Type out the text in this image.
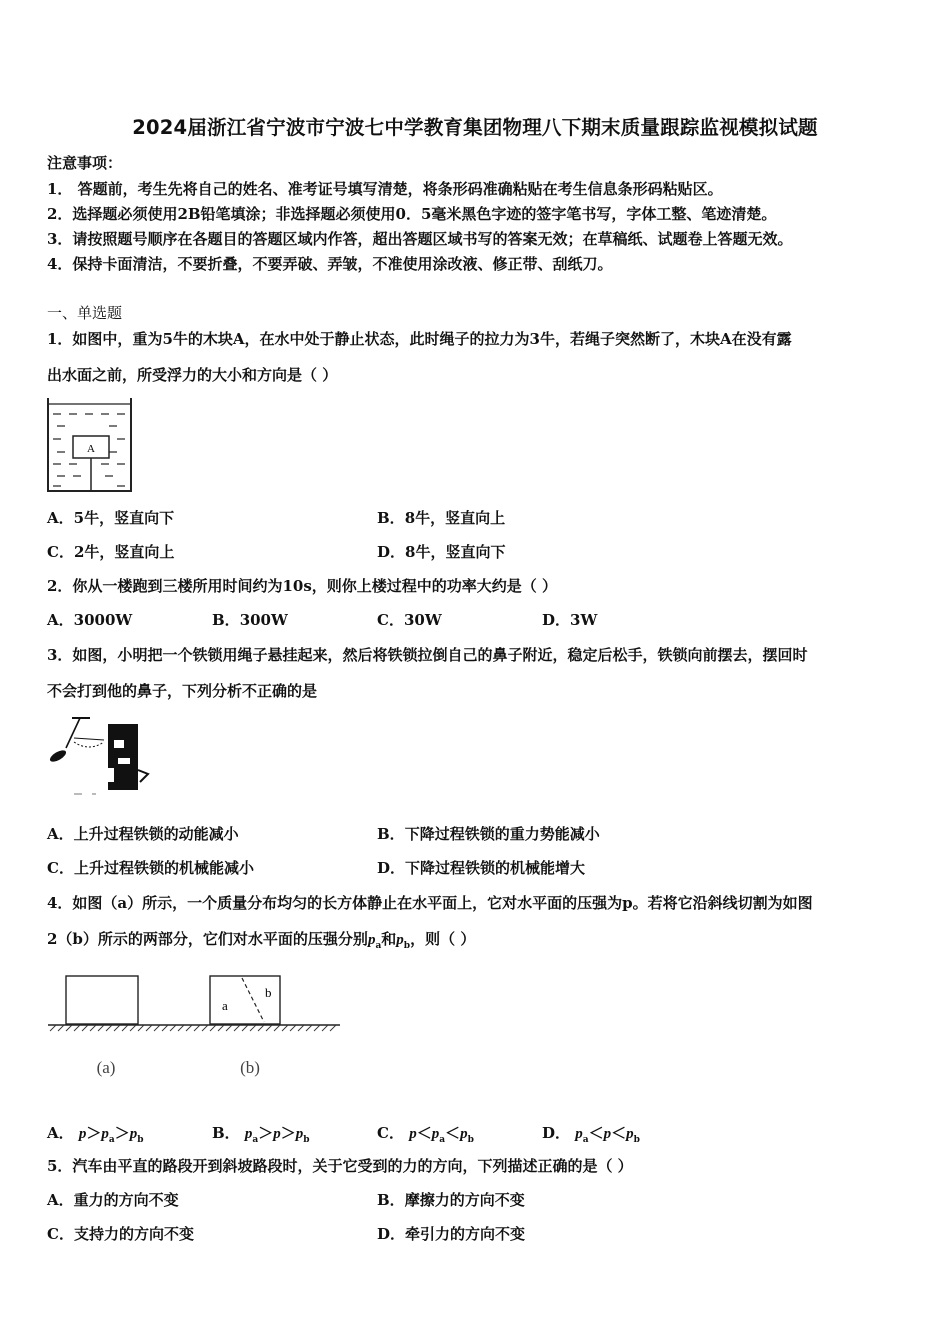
2024届浙江省宁波市宁波七中学教育集团物理八下期末质量跟踪监视模拟试题
注意事项：
1． 答题前，考生先将自己的姓名、准考证号填写清楚，将条形码准确粘贴在考生信息条形码粘贴区。
2．选择题必须使用2B铅笔填涂；非选择题必须使用0．5毫米黑色字迹的签字笔书写，字体工整、笔迹清楚。
3．请按照题号顺序在各题目的答题区域内作答，超出答题区域书写的答案无效；在草稿纸、试题卷上答题无效。
4．保持卡面清洁，不要折叠，不要弄破、弄皱，不准使用涂改液、修正带、刮纸刀。
一、单选题
1．如图中，重为5牛的木块A，在水中处于静止状态，此时绳子的拉力为3牛，若绳子突然断了，木块A在没有露
出水面之前，所受浮力的大小和方向是（ ）
A
A．5牛，竖直向下	B．8牛，竖直向上
C．2牛，竖直向上	D．8牛，竖直向下
2．你从一楼跑到三楼所用时间约为10s，则你上楼过程中的功率大约是（ ）
A．3000W	B．300W	C．30W	D．3W
3．如图，小明把一个铁锁用绳子悬挂起来，然后将铁锁拉倒自己的鼻子附近，稳定后松手，铁锁向前摆去，摆回时
不会打到他的鼻子，下列分析不正确的是
A．上升过程铁锁的动能减小	B．下降过程铁锁的重力势能减小
C．上升过程铁锁的机械能减小	D．下降过程铁锁的机械能增大
4．如图（a）所示，一个质量分布均匀的长方体静止在水平面上，它对水平面的压强为p。若将它沿斜线切割为如图
2（b）所示的两部分，它们对水平面的压强分别$p_a$和$p_b$，则（ ）
a
b
(a)	(b)
A． $p>p_a>p_b$	B． $p_a>p>p_b$	C． $p<p_a<p_b$	D． $p_a<p<p_b$
5．汽车由平直的路段开到斜坡路段时，关于它受到的力的方向，下列描述正确的是（ ）
A．重力的方向不变	B．摩擦力的方向不变
C．支持力的方向不变	D．牵引力的方向不变
